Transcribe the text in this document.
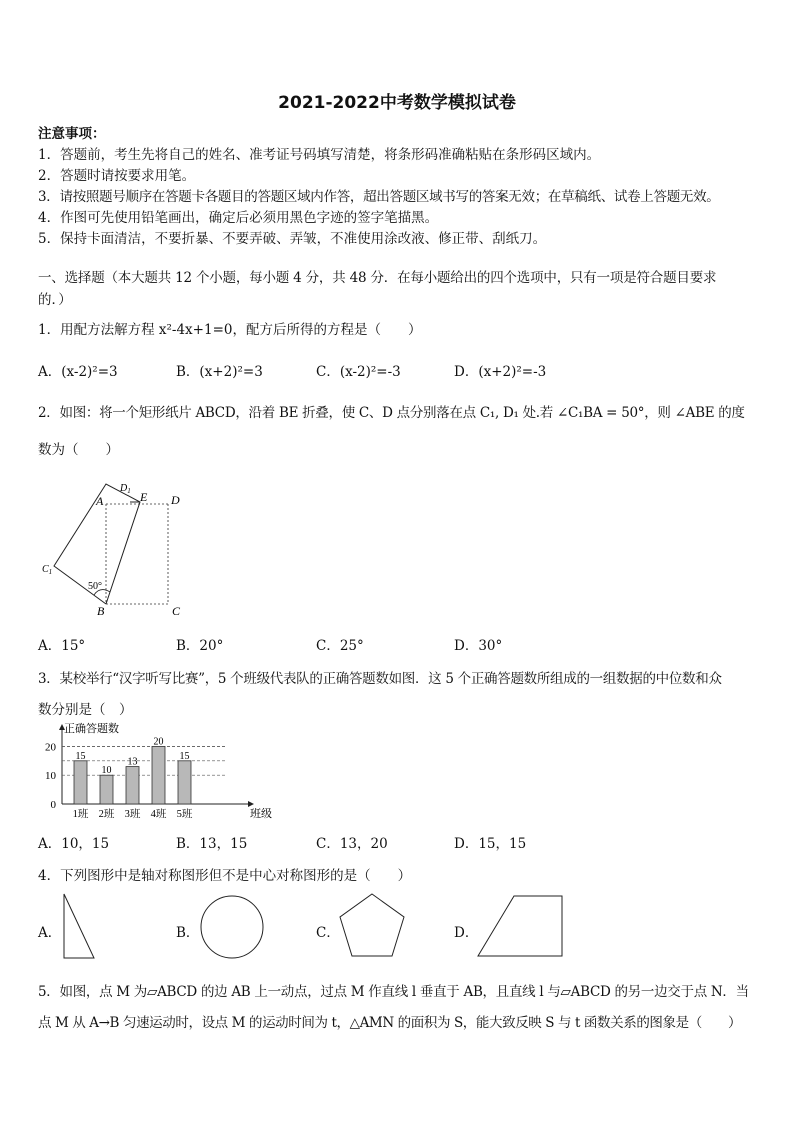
2021-2022中考数学模拟试卷
注意事项：
1．答题前，考生先将自己的姓名、准考证号码填写清楚，将条形码准确粘贴在条形码区域内。
2．答题时请按要求用笔。
3．请按照题号顺序在答题卡各题目的答题区域内作答，超出答题区域书写的答案无效；在草稿纸、试卷上答题无效。
4．作图可先使用铅笔画出，确定后必须用黑色字迹的签字笔描黑。
5．保持卡面清洁，不要折暴、不要弄破、弄皱，不准使用涂改液、修正带、刮纸刀。
一、选择题（本大题共 12 个小题，每小题 4 分，共 48 分．在每小题给出的四个选项中，只有一项是符合题目要求
的．）
1．用配方法解方程 x²-4x+1=0，配方后所得的方程是（　　）
A．(x-2)²=3	B．(x+2)²=3	C．(x-2)²=-3	D．(x+2)²=-3
2．如图：将一个矩形纸片 ABCD，沿着 BE 折叠，使 C、D 点分别落在点 C₁, D₁ 处.若 ∠C₁BA = 50°，则 ∠ABE 的度
数为（　　）
$D_1$
A	E D
$C_1$
50°
B	C
A．15°	B．20°	C．25°	D．30°
3．某校举行“汉字听写比赛”，5 个班级代表队的正确答题数如图．这 5 个正确答题数所组成的一组数据的中位数和众
数分别是（　）
正确答题数
班级
0
10
20
15
1班
10
2班
13
3班
20
4班
15
5班
A．10，15	B．13，15	C．13，20	D．15，15
4．下列图形中是轴对称图形但不是中心对称图形的是（　　）
A．	B．	C．	D．
5．如图，点 M 为▱ABCD 的边 AB 上一动点，过点 M 作直线 l 垂直于 AB，且直线 l 与▱ABCD 的另一边交于点 N．当
点 M 从 A→B 匀速运动时，设点 M 的运动时间为 t，△AMN 的面积为 S，能大致反映 S 与 t 函数关系的图象是（　　）
